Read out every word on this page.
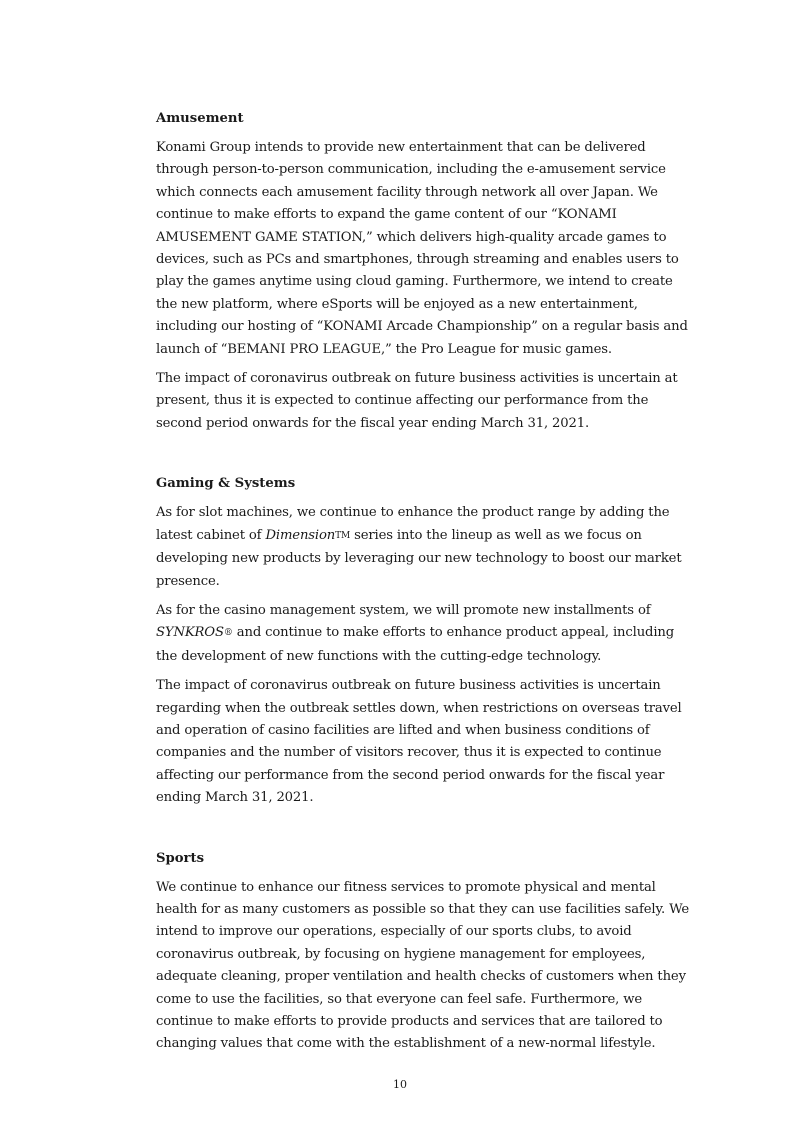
Amusement

Konami Group intends to provide new entertainment that can be delivered through person-to-person communication, including the e-amusement service which connects each amusement facility through network all over Japan. We continue to make efforts to expand the game content of our “KONAMI AMUSEMENT GAME STATION,” which delivers high-quality arcade games to devices, such as PCs and smartphones, through streaming and enables users to play the games anytime using cloud gaming. Furthermore, we intend to create the new platform, where eSports will be enjoyed as a new entertainment, including our hosting of “KONAMI Arcade Championship” on a regular basis and launch of “BEMANI PRO LEAGUE,” the Pro League for music games.

The impact of coronavirus outbreak on future business activities is uncertain at present, thus it is expected to continue affecting our performance from the second period onwards for the fiscal year ending March 31, 2021.

Gaming & Systems

As for slot machines, we continue to enhance the product range by adding the latest cabinet of DimensionTM series into the lineup as well as we focus on developing new products by leveraging our new technology to boost our market presence.

As for the casino management system, we will promote new installments of SYNKROS® and continue to make efforts to enhance product appeal, including the development of new functions with the cutting-edge technology.

The impact of coronavirus outbreak on future business activities is uncertain regarding when the outbreak settles down, when restrictions on overseas travel and operation of casino facilities are lifted and when business conditions of companies and the number of visitors recover, thus it is expected to continue affecting our performance from the second period onwards for the fiscal year ending March 31, 2021.

Sports

We continue to enhance our fitness services to promote physical and mental health for as many customers as possible so that they can use facilities safely. We intend to improve our operations, especially of our sports clubs, to avoid coronavirus outbreak, by focusing on hygiene management for employees, adequate cleaning, proper ventilation and health checks of customers when they come to use the facilities, so that everyone can feel safe. Furthermore, we continue to make efforts to provide products and services that are tailored to changing values that come with the establishment of a new-normal lifestyle.

10
